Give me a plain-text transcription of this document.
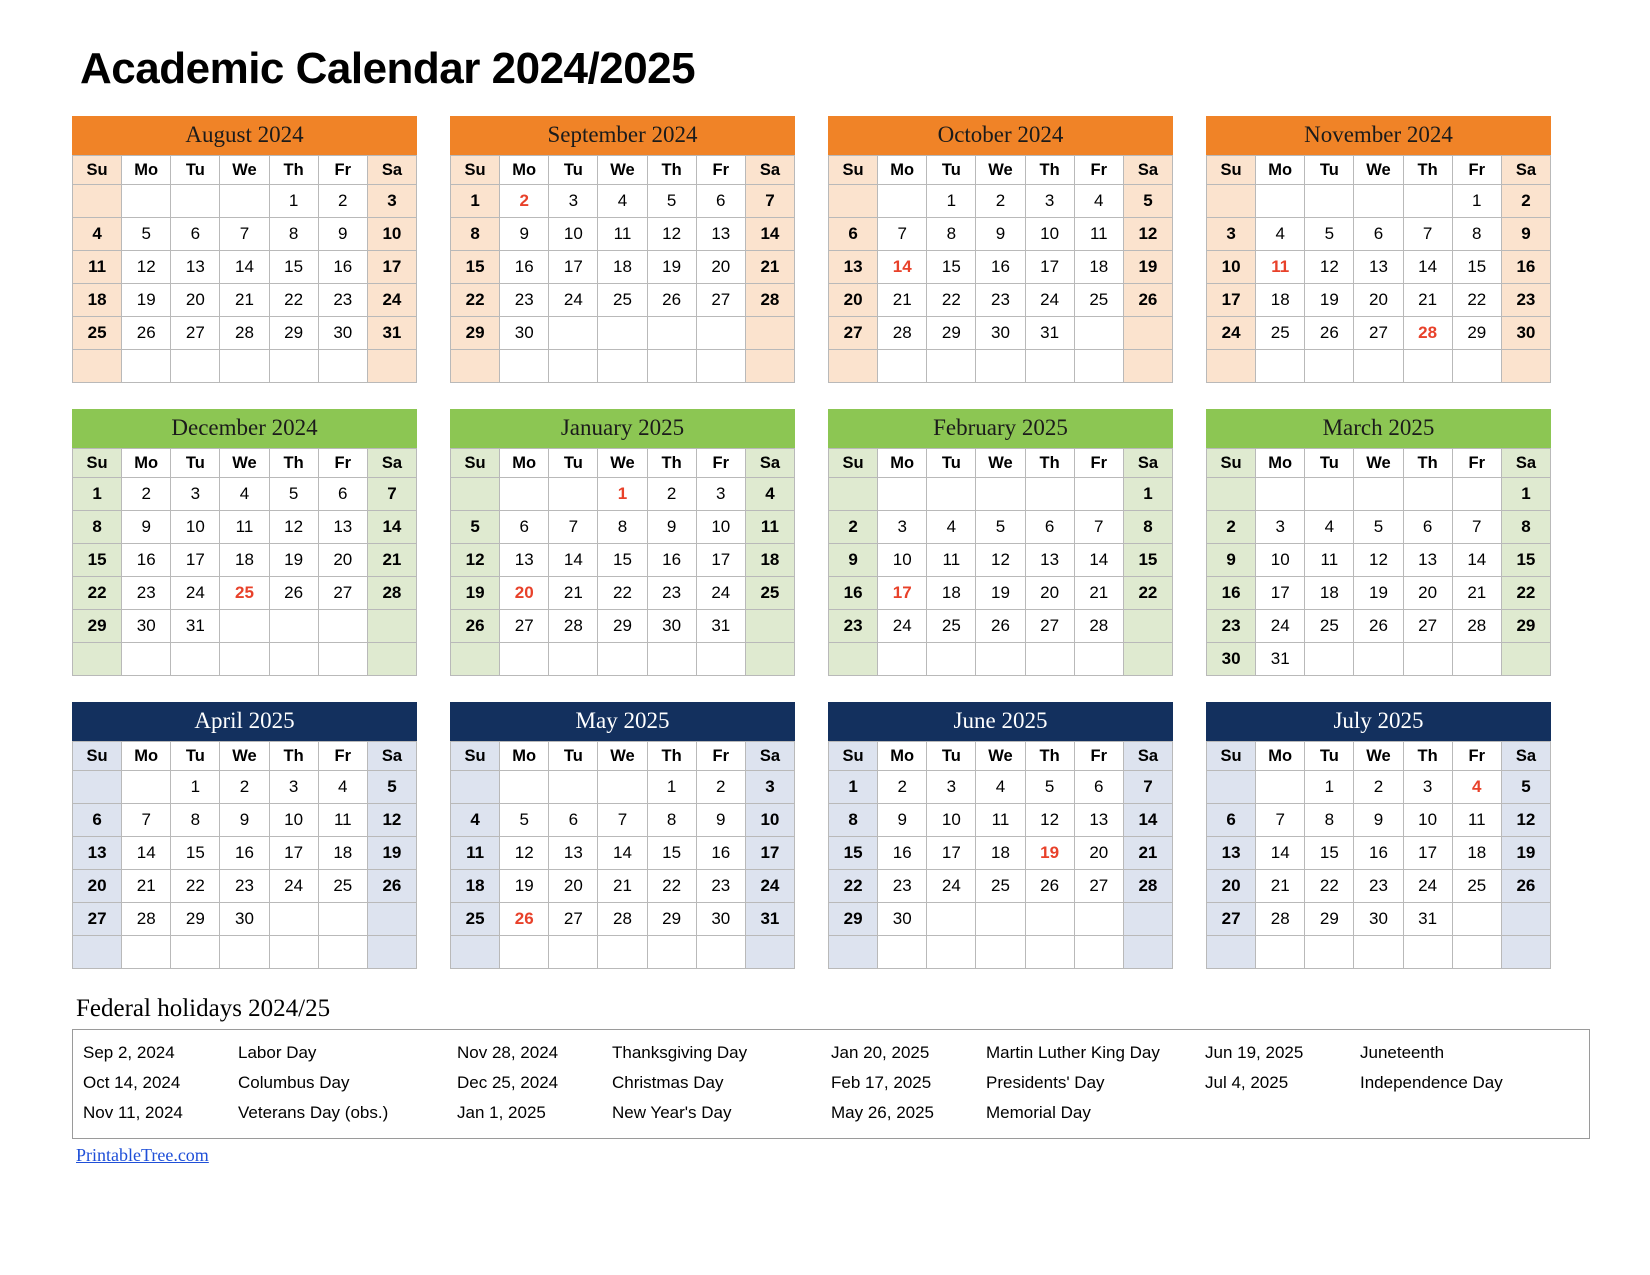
Academic Calendar 2024/2025
August 2024
Su	Mo	Tu	We	Th	Fr	Sa
				1	2	3
4	5	6	7	8	9	10
11	12	13	14	15	16	17
18	19	20	21	22	23	24
25	26	27	28	29	30	31

September 2024
Su	Mo	Tu	We	Th	Fr	Sa
1	2	3	4	5	6	7
8	9	10	11	12	13	14
15	16	17	18	19	20	21
22	23	24	25	26	27	28
29	30					

October 2024
Su	Mo	Tu	We	Th	Fr	Sa
		1	2	3	4	5
6	7	8	9	10	11	12
13	14	15	16	17	18	19
20	21	22	23	24	25	26
27	28	29	30	31		

November 2024
Su	Mo	Tu	We	Th	Fr	Sa
					1	2
3	4	5	6	7	8	9
10	11	12	13	14	15	16
17	18	19	20	21	22	23
24	25	26	27	28	29	30

December 2024
Su	Mo	Tu	We	Th	Fr	Sa
1	2	3	4	5	6	7
8	9	10	11	12	13	14
15	16	17	18	19	20	21
22	23	24	25	26	27	28
29	30	31				

January 2025
Su	Mo	Tu	We	Th	Fr	Sa
			1	2	3	4
5	6	7	8	9	10	11
12	13	14	15	16	17	18
19	20	21	22	23	24	25
26	27	28	29	30	31	

February 2025
Su	Mo	Tu	We	Th	Fr	Sa
						1
2	3	4	5	6	7	8
9	10	11	12	13	14	15
16	17	18	19	20	21	22
23	24	25	26	27	28	

March 2025
Su	Mo	Tu	We	Th	Fr	Sa
						1
2	3	4	5	6	7	8
9	10	11	12	13	14	15
16	17	18	19	20	21	22
23	24	25	26	27	28	29
30	31					
April 2025
Su	Mo	Tu	We	Th	Fr	Sa
		1	2	3	4	5
6	7	8	9	10	11	12
13	14	15	16	17	18	19
20	21	22	23	24	25	26
27	28	29	30			

May 2025
Su	Mo	Tu	We	Th	Fr	Sa
				1	2	3
4	5	6	7	8	9	10
11	12	13	14	15	16	17
18	19	20	21	22	23	24
25	26	27	28	29	30	31

June 2025
Su	Mo	Tu	We	Th	Fr	Sa
1	2	3	4	5	6	7
8	9	10	11	12	13	14
15	16	17	18	19	20	21
22	23	24	25	26	27	28
29	30					

July 2025
Su	Mo	Tu	We	Th	Fr	Sa
		1	2	3	4	5
6	7	8	9	10	11	12
13	14	15	16	17	18	19
20	21	22	23	24	25	26
27	28	29	30	31		

Federal holidays 2024/25
Sep 2, 2024	Labor Day
Oct 14, 2024	Columbus Day
Nov 11, 2024	Veterans Day (obs.)
Nov 28, 2024	Thanksgiving Day
Dec 25, 2024	Christmas Day
Jan 1, 2025	New Year's Day
Jan 20, 2025	Martin Luther King Day
Feb 17, 2025	Presidents' Day
May 26, 2025	Memorial Day
Jun 19, 2025	Juneteenth
Jul 4, 2025	Independence Day
PrintableTree.com
